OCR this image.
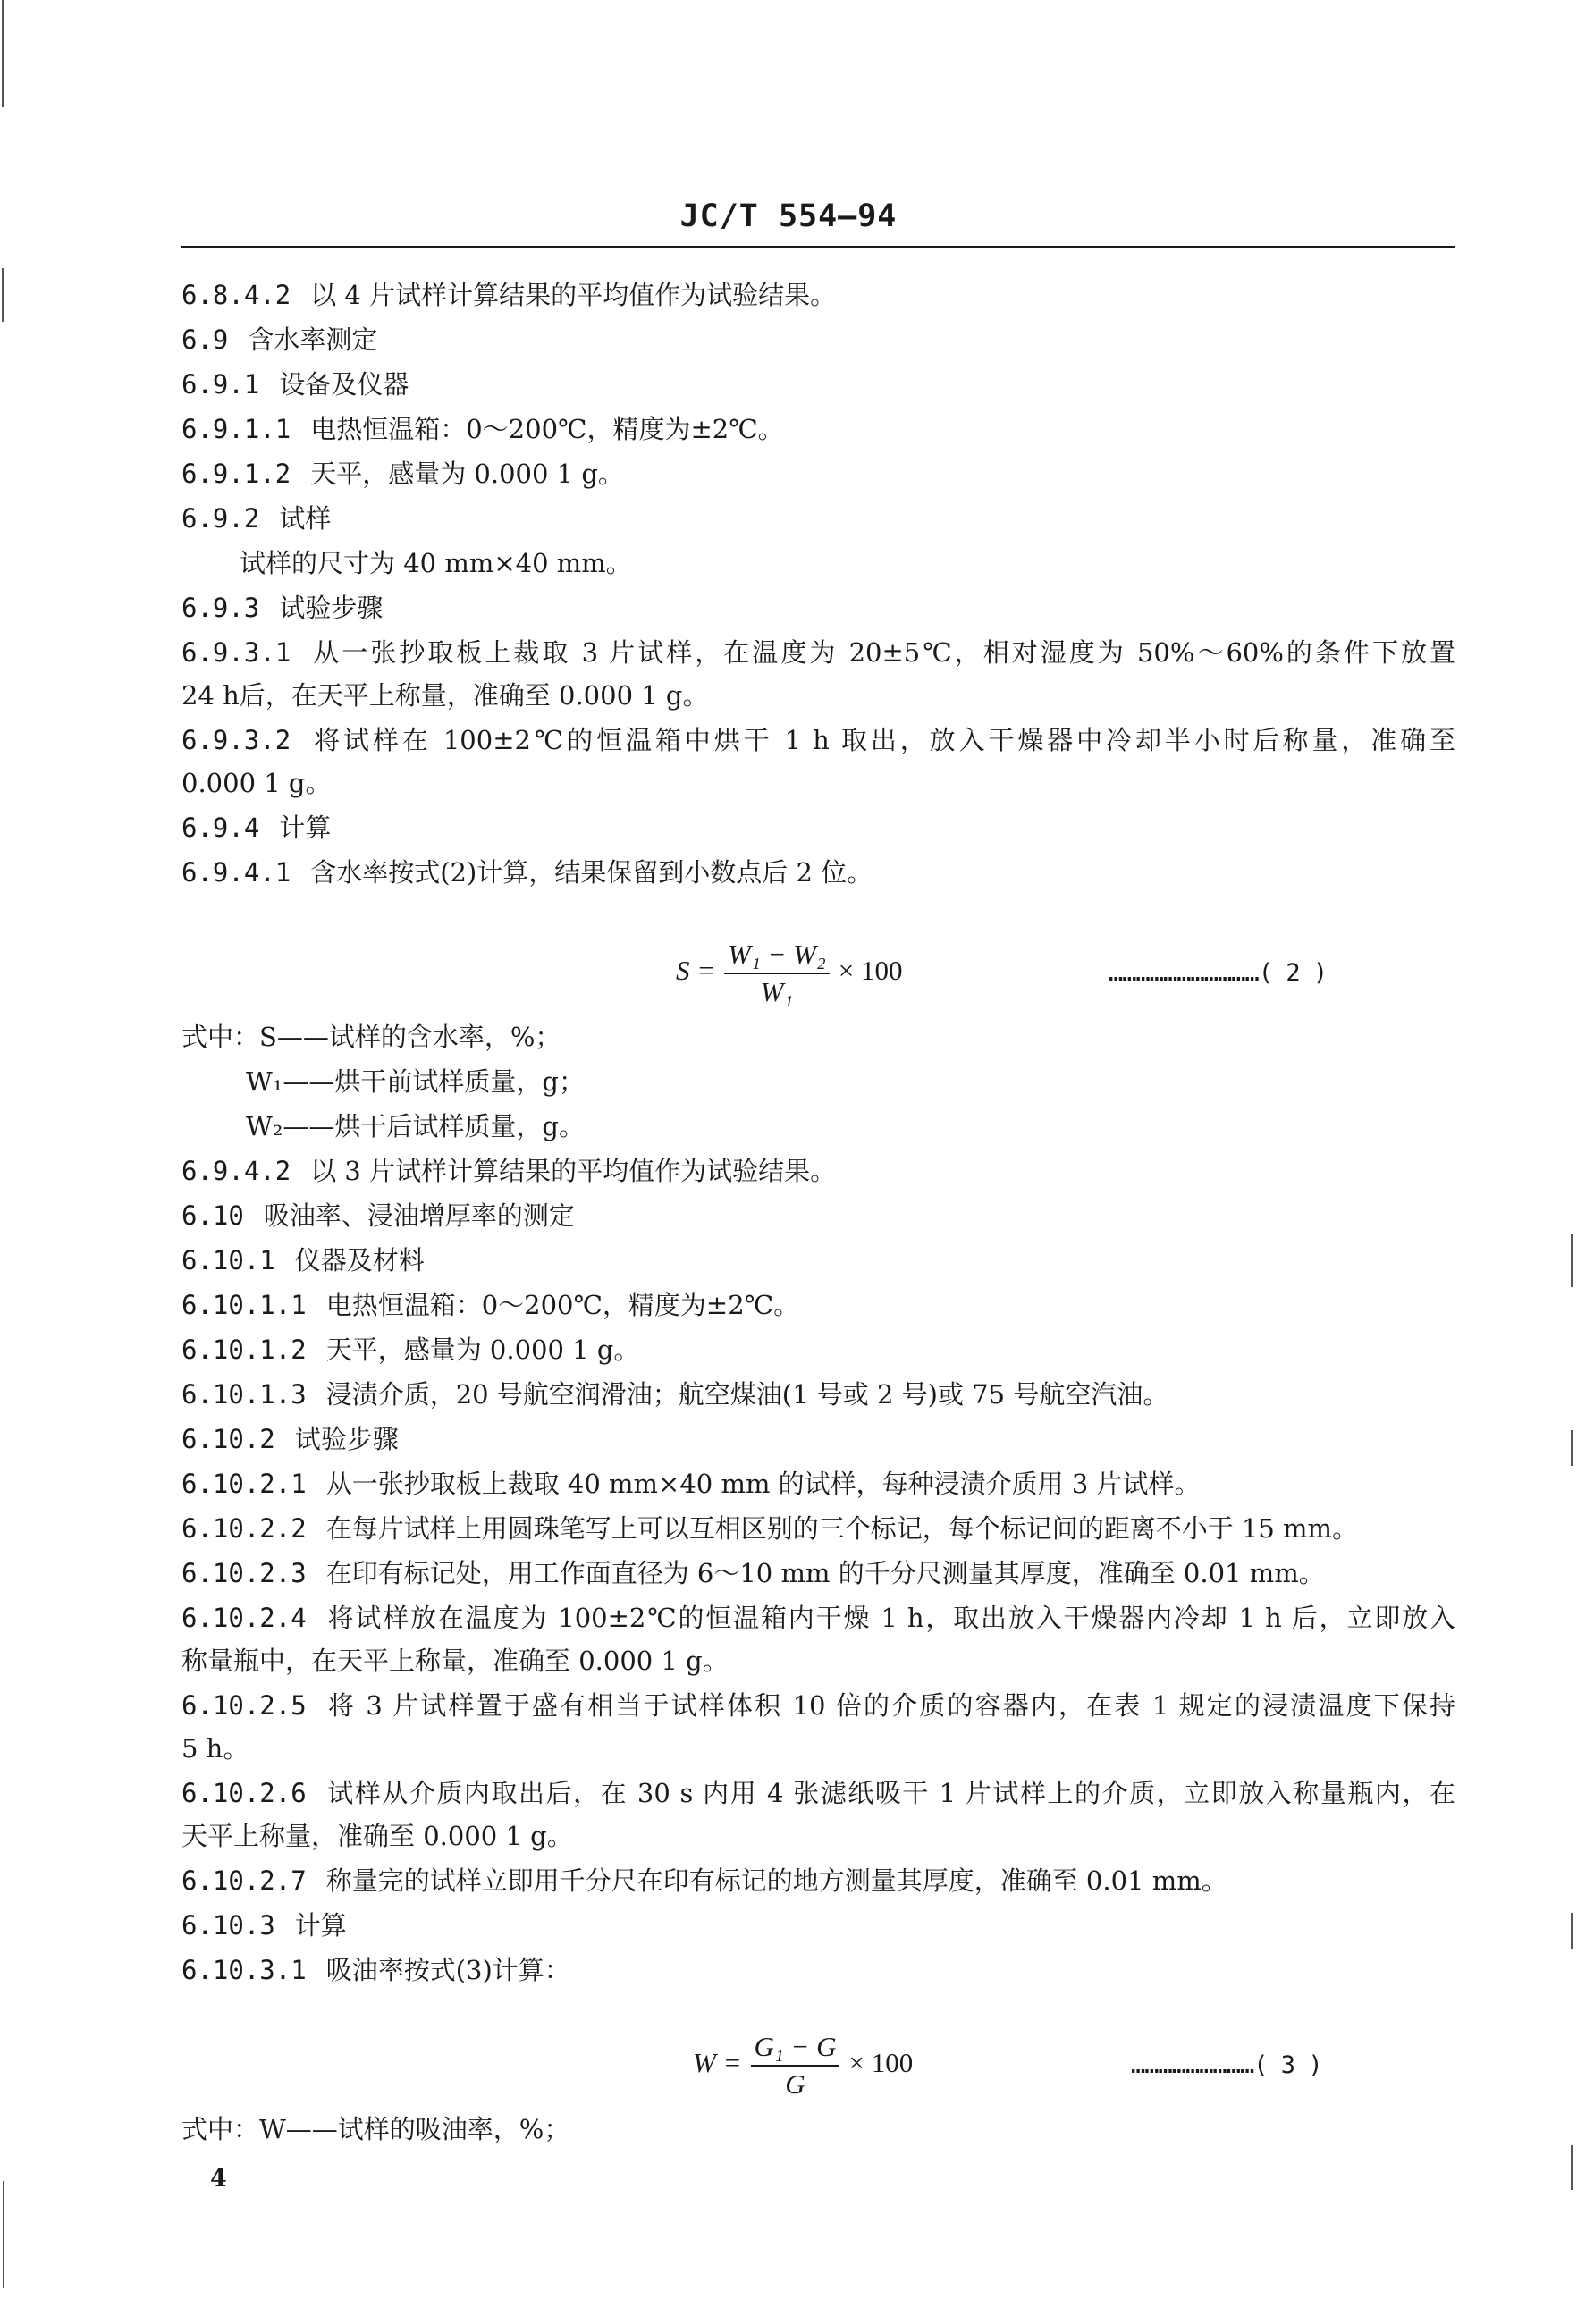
JC/T 554—94
6.8.4.2 以 4 片试样计算结果的平均值作为试验结果。
6.9 含水率测定
6.9.1 设备及仪器
6.9.1.1 电热恒温箱：0～200℃，精度为±2℃。
6.9.1.2 天平，感量为 0.000 1 g。
6.9.2 试样
试样的尺寸为 40 mm×40 mm。
6.9.3 试验步骤
6.9.3.1 从一张抄取板上裁取 3 片试样，在温度为 20±5℃，相对湿度为 50%～60%的条件下放置
24 h后，在天平上称量，准确至 0.000 1 g。
6.9.3.2 将试样在 100±2℃的恒温箱中烘干 1 h 取出，放入干燥器中冷却半小时后称量，准确至
0.000 1 g。
6.9.4 计算
6.9.4.1 含水率按式(2)计算，结果保留到小数点后 2 位。
$S = \frac{\text{W₁ − W₂}}{\text{W₁}} \times 100$	……………………………( 2 )
式中：S——试样的含水率，%；
W₁——烘干前试样质量，g；
W₂——烘干后试样质量，g。
6.9.4.2 以 3 片试样计算结果的平均值作为试验结果。
6.10 吸油率、浸油增厚率的测定
6.10.1 仪器及材料
6.10.1.1 电热恒温箱：0～200℃，精度为±2℃。
6.10.1.2 天平，感量为 0.000 1 g。
6.10.1.3 浸渍介质，20 号航空润滑油；航空煤油(1 号或 2 号)或 75 号航空汽油。
6.10.2 试验步骤
6.10.2.1 从一张抄取板上裁取 40 mm×40 mm 的试样，每种浸渍介质用 3 片试样。
6.10.2.2 在每片试样上用圆珠笔写上可以互相区别的三个标记，每个标记间的距离不小于 15 mm。
6.10.2.3 在印有标记处，用工作面直径为 6～10 mm 的千分尺测量其厚度，准确至 0.01 mm。
6.10.2.4 将试样放在温度为 100±2℃的恒温箱内干燥 1 h，取出放入干燥器内冷却 1 h 后，立即放入
称量瓶中，在天平上称量，准确至 0.000 1 g。
6.10.2.5 将 3 片试样置于盛有相当于试样体积 10 倍的介质的容器内，在表 1 规定的浸渍温度下保持
5 h。
6.10.2.6 试样从介质内取出后，在 30 s 内用 4 张滤纸吸干 1 片试样上的介质，立即放入称量瓶内，在
天平上称量，准确至 0.000 1 g。
6.10.2.7 称量完的试样立即用千分尺在印有标记的地方测量其厚度，准确至 0.01 mm。
6.10.3 计算
6.10.3.1 吸油率按式(3)计算：
$W = \frac{\text{G₁ − G}}{G} \times 100$	………………………( 3 )
式中：W——试样的吸油率，%；
4
